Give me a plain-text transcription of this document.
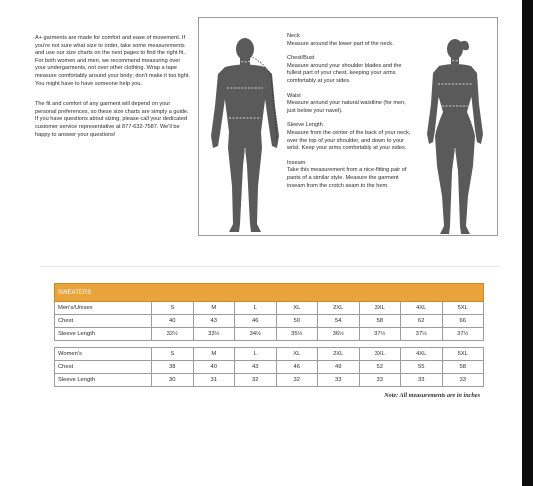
A+ garments are made for comfort and ease of movement. If you're not sure what size to order, take some measurements and use our size charts on the next pages to find the right fit. For both women and men, we recommend measuring over your undergarments, not over other clothing. Wrap a tape measure comfortably around your body; don't make it too tight. You might have to have someone help you.

The fit and comfort of any garment will depend on your personal preferences, so these size charts are simply a guide. If you have questions about sizing, please call your dedicated customer service representative at 877-632-7587. We'll be happy to answer your questions!

Neck

Measure around the lower part of the neck.

Chest/Bust

Measure around your shoulder blades and the fullest part of your chest, keeping your arms comfortably at your sides.

Waist

Measure around your natural waistline (for men, just below your navel).

Sleeve Length

Measure from the center of the back of your neck, over the top of your shoulder, and down to your wrist. Keep your arms comfortably at your sides.

Inseam

Take this measurement from a nice-fitting pair of pants of a similar style. Measure the garment inseam from the crotch seam to the hem.

SWEATERS								
Men's/Unisex	S	M	L	XL	2XL	3XL	4XL	5XL
Chest	40	43	46	50	54	58	62	66
Sleeve Length	32½	33½	34½	35½	36½	37½	37½	37½

Women's	S	M	L	XL	2XL	3XL	4XL	5XL
Chest	38	40	43	46	49	52	55	58
Sleeve Length	30	31	32	32	33	33	33	33
Note: All measurements are in inches
